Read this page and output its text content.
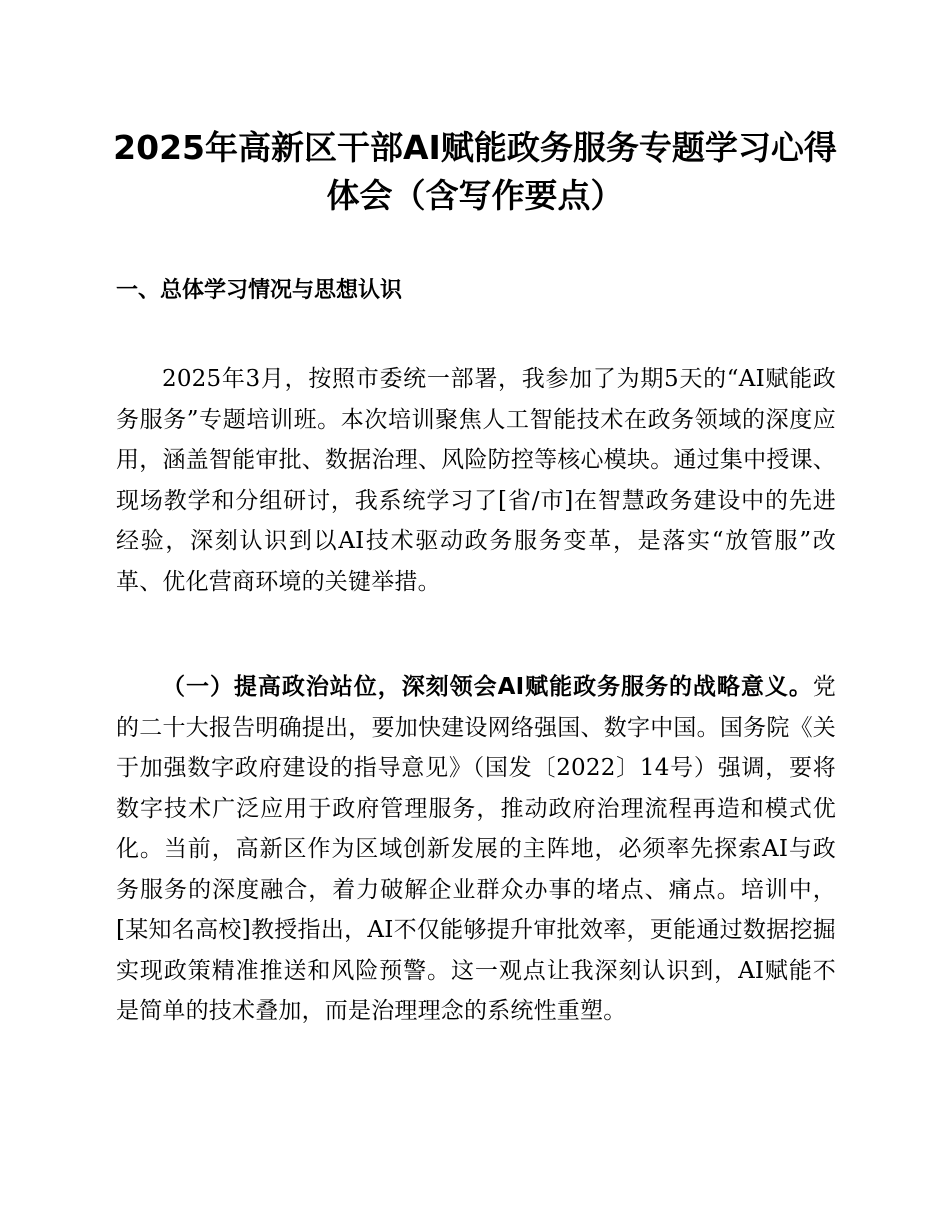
2025年高新区干部AI赋能政务服务专题学习心得体会（含写作要点）
一、总体学习情况与思想认识

2025年3月，按照市委统一部署，我参加了为期5天的“AI赋能政务服务”专题培训班。本次培训聚焦人工智能技术在政务领域的深度应用，涵盖智能审批、数据治理、风险防控等核心模块。通过集中授课、现场教学和分组研讨，我系统学习了[省/市]在智慧政务建设中的先进经验，深刻认识到以AI技术驱动政务服务变革，是落实“放管服”改革、优化营商环境的关键举措。

（一）提高政治站位，深刻领会AI赋能政务服务的战略意义。党的二十大报告明确提出，要加快建设网络强国、数字中国。国务院《关于加强数字政府建设的指导意见》（国发〔2022〕14号）强调，要将数字技术广泛应用于政府管理服务，推动政府治理流程再造和模式优化。当前，高新区作为区域创新发展的主阵地，必须率先探索AI与政务服务的深度融合，着力破解企业群众办事的堵点、痛点。培训中，[某知名高校]教授指出，AI不仅能够提升审批效率，更能通过数据挖掘实现政策精准推送和风险预警。这一观点让我深刻认识到，AI赋能不是简单的技术叠加，而是治理理念的系统性重塑。
